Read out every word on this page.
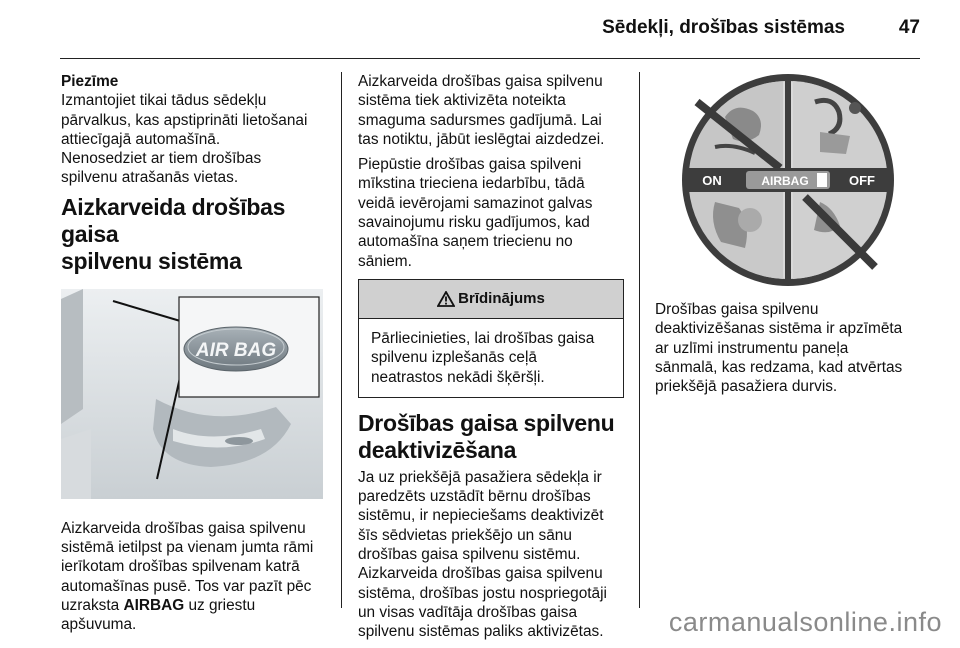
Sēdekļi, drošības sistēmas	47
Piezīme
Izmantojiet tikai tādus sēdekļu
pārvalkus, kas apstiprināti lietošanai
attiecīgajā automašīnā.
Nenosedziet ar tiem drošības
spilvenu atrašanās vietas.
Aizkarveida drošības gaisa
spilvenu sistēma
AIR BAG
Aizkarveida drošības gaisa spilvenu
sistēmā ietilpst pa vienam jumta rāmi
ierīkotam drošības spilvenam katrā
automašīnas pusē. Tos var pazīt pēc
uzraksta AIRBAG uz griestu
apšuvuma.

Aizkarveida drošības gaisa spilvenu
sistēma tiek aktivizēta noteikta
smaguma sadursmes gadījumā. Lai
tas notiktu, jābūt ieslēgtai aizdedzei.

Piepūstie drošības gaisa spilveni
mīkstina trieciena iedarbību, tādā
veidā ievērojami samazinot galvas
savainojumu risku gadījumos, kad
automašīna saņem triecienu no
sāniem.

Brīdinājums
Pārliecinieties, lai drošības gaisa
spilvenu izplešanās ceļā
neatrastos nekādi šķēršļi.
Drošības gaisa spilvenu
deaktivizēšana

Ja uz priekšējā pasažiera sēdekļa ir
paredzēts uzstādīt bērnu drošības
sistēmu, ir nepieciešams deaktivizēt
šīs sēdvietas priekšējo un sānu
drošības gaisa spilvenu sistēmu.
Aizkarveida drošības gaisa spilvenu
sistēma, drošības jostu nospriegotāji
un visas vadītāja drošības gaisa
spilvenu sistēmas paliks aktivizētas.

ON	AIRBAG	OFF

Drošības gaisa spilvenu
deaktivizēšanas sistēma ir apzīmēta
ar uzlīmi instrumentu paneļa
sānmalā, kas redzama, kad atvērtas
priekšējā pasažiera durvis.

carmanualsonline.info
